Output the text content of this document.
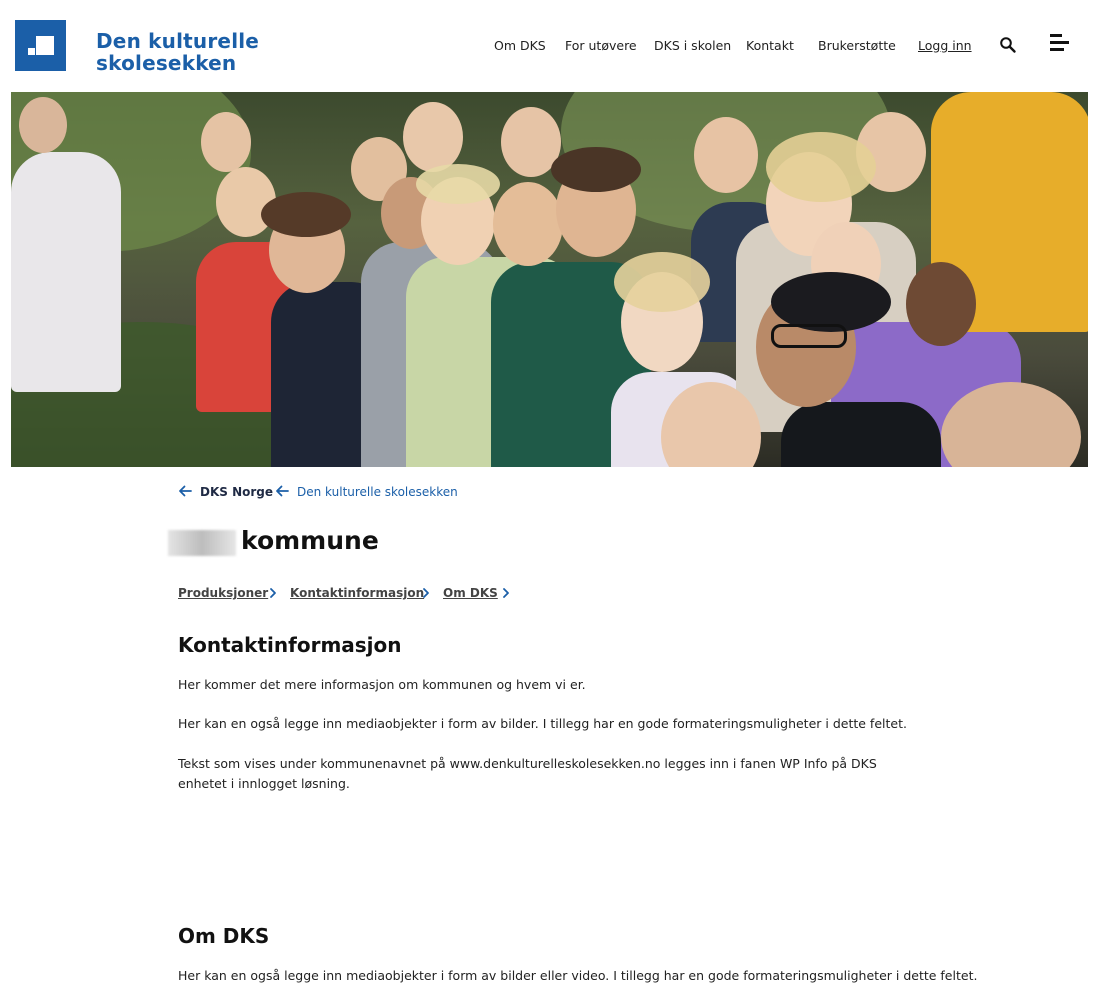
Den kulturelle
skolesekken
Om DKS For utøvere DKS i skolen Kontakt Brukerstøtte Logg inn
DKS Norge	Den kulturelle skolesekken
kommune
Produksjoner Kontaktinformasjon Om DKS
Kontaktinformasjon

Her kommer det mere informasjon om kommunen og hvem vi er.

Her kan en også legge inn mediaobjekter i form av bilder. I tillegg har en gode formateringsmuligheter i dette feltet.

Tekst som vises under kommunenavnet på www.denkulturelleskolesekken.no legges inn i fanen WP Info på DKS enhetet i innlogget løsning.

Om DKS

Her kan en også legge inn mediaobjekter i form av bilder eller video. I tillegg har en gode formateringsmuligheter i dette feltet.
